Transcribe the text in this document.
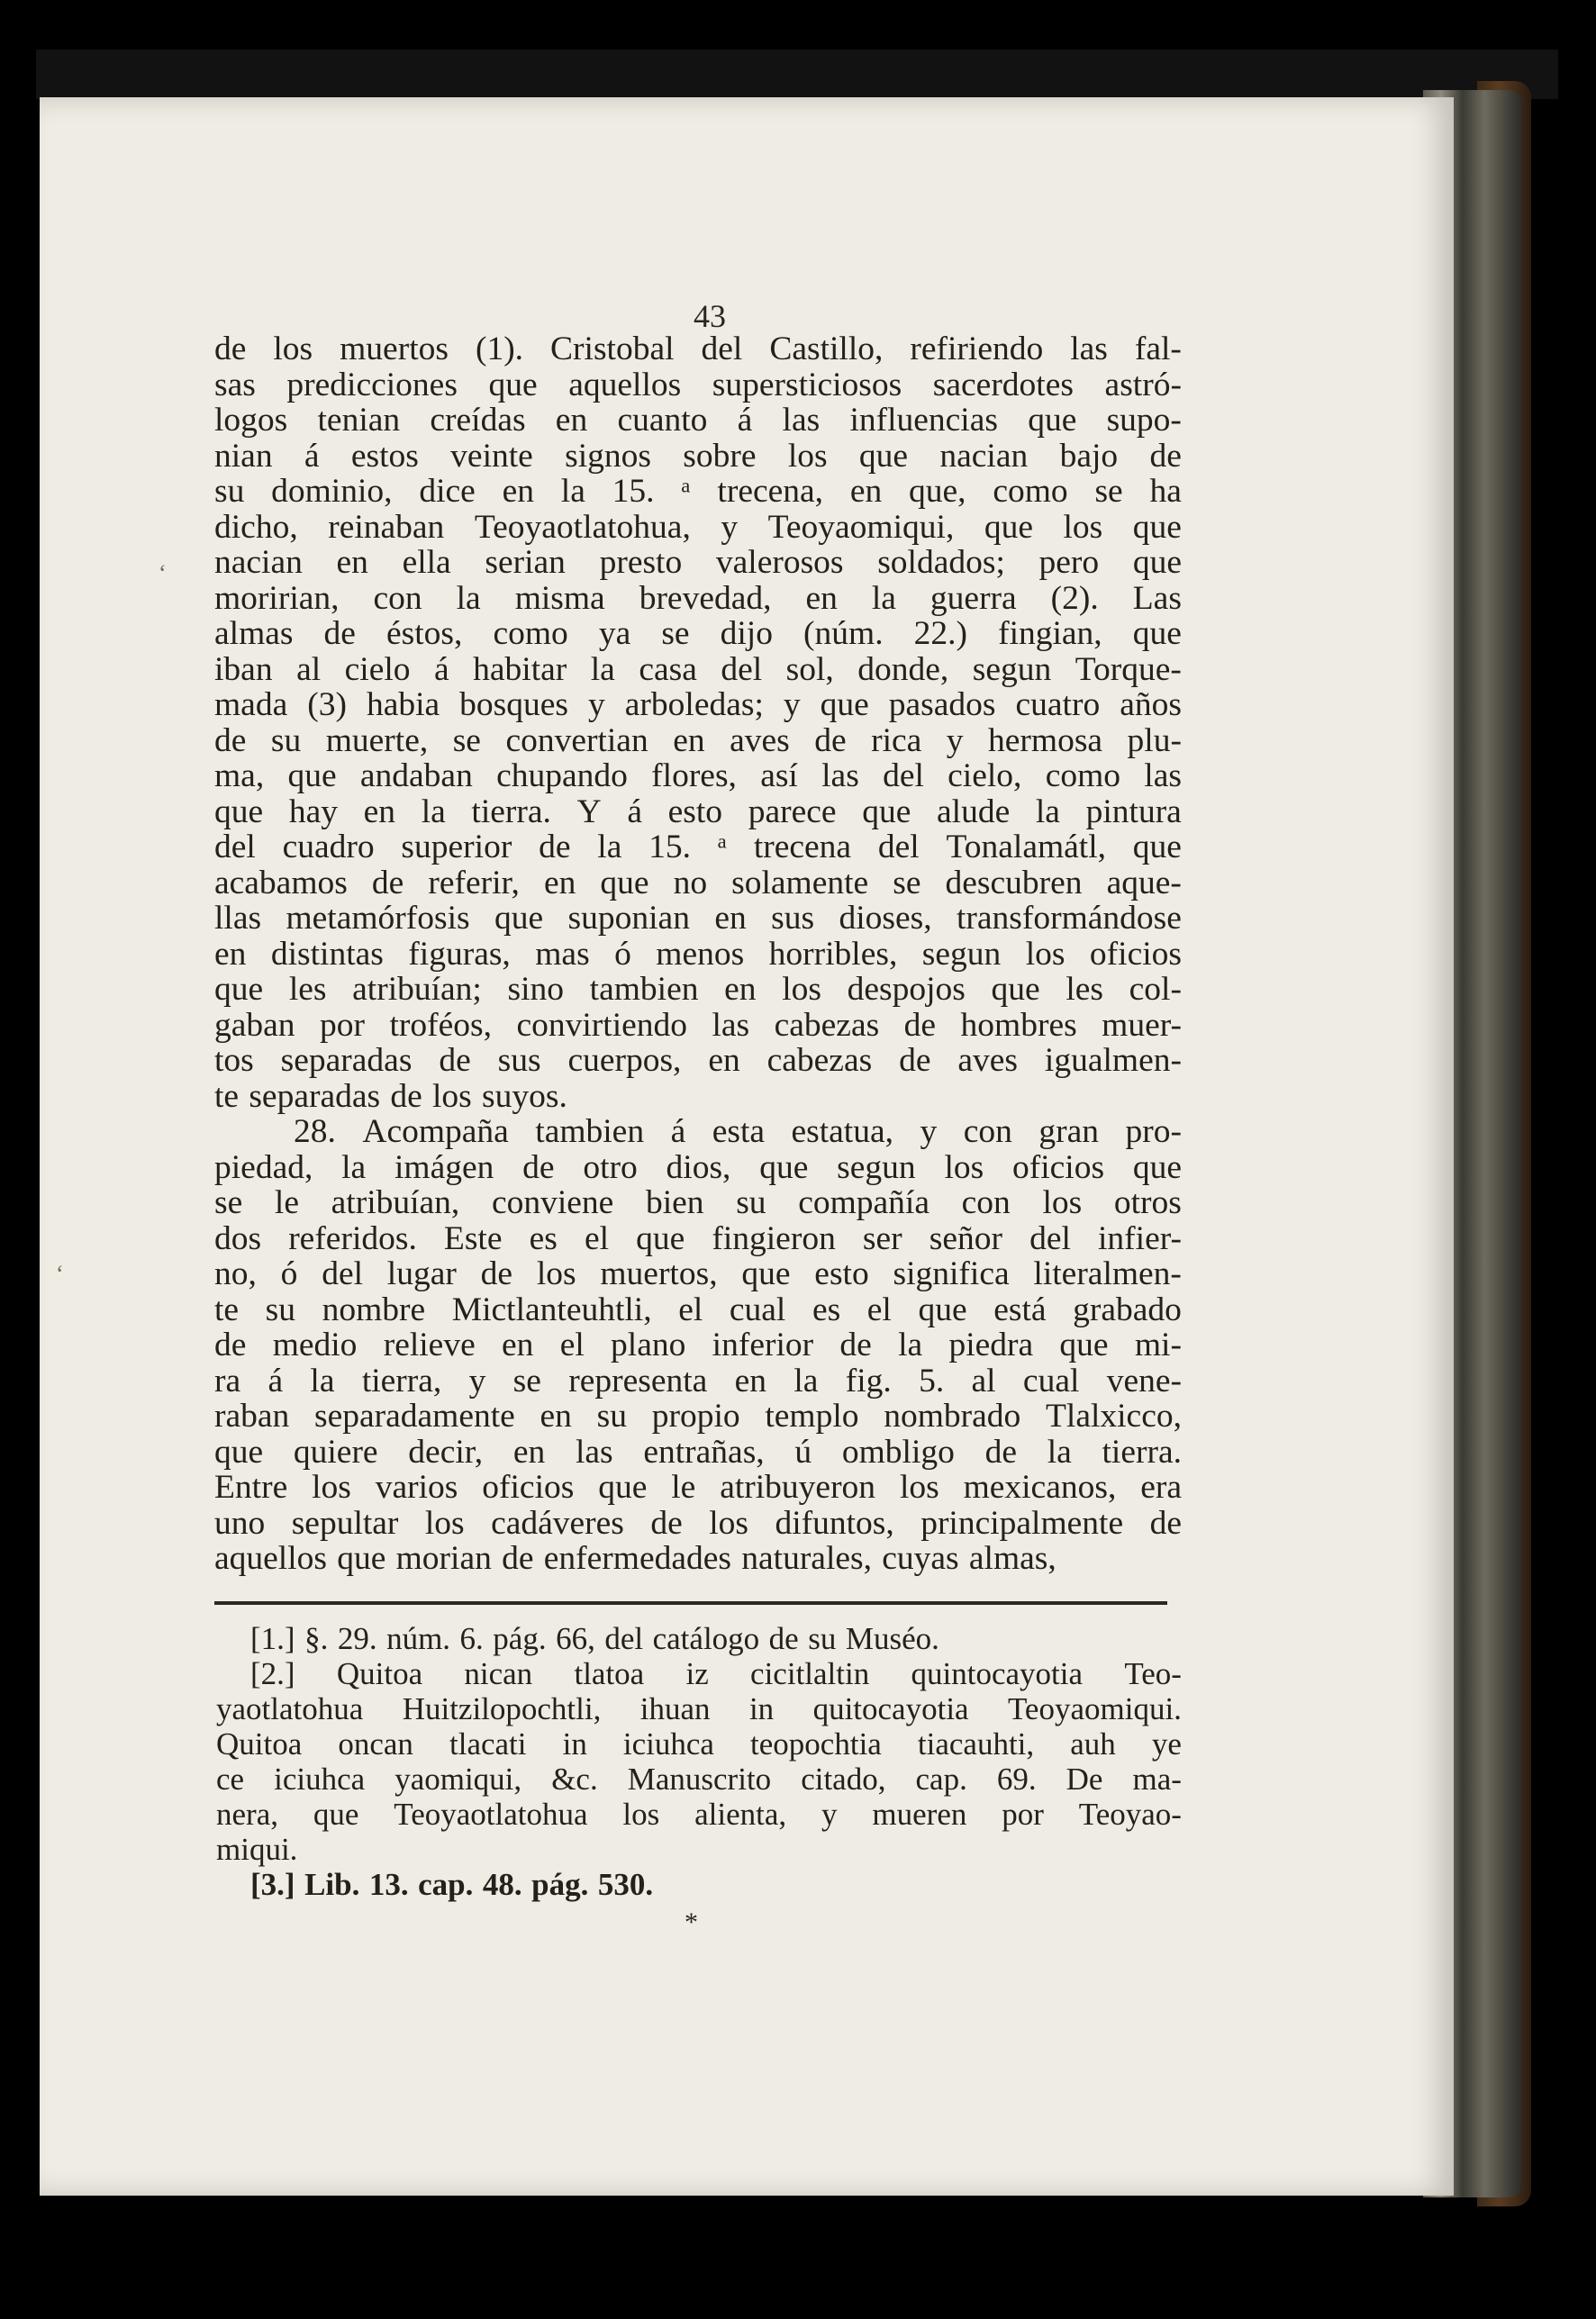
43
de los muertos (1). Cristobal del Castillo, refiriendo las fal-
sas predicciones que aquellos supersticiosos sacerdotes astró-
logos tenian creídas en cuanto á las influencias que supo-
nian á estos veinte signos sobre los que nacian bajo de
su dominio, dice en la 15. ᵃ trecena, en que, como se ha
dicho, reinaban Teoyaotlatohua, y Teoyaomiqui, que los que
nacian en ella serian presto valerosos soldados; pero que
moririan, con la misma brevedad, en la guerra (2). Las
almas de éstos, como ya se dijo (núm. 22.) fingian, que
iban al cielo á habitar la casa del sol, donde, segun Torque-
mada (3) habia bosques y arboledas; y que pasados cuatro años
de su muerte, se convertian en aves de rica y hermosa plu-
ma, que andaban chupando flores, así las del cielo, como las
que hay en la tierra. Y á esto parece que alude la pintura
del cuadro superior de la 15. ᵃ trecena del Tonalamátl, que
acabamos de referir, en que no solamente se descubren aque-
llas metamórfosis que suponian en sus dioses, transformándose
en distintas figuras, mas ó menos horribles, segun los oficios
que les atribuían; sino tambien en los despojos que les col-
gaban por troféos, convirtiendo las cabezas de hombres muer-
tos separadas de sus cuerpos, en cabezas de aves igualmen-
te separadas de los suyos.
28. Acompaña tambien á esta estatua, y con gran pro-
piedad, la imágen de otro dios, que segun los oficios que
se le atribuían, conviene bien su compañía con los otros
dos referidos. Este es el que fingieron ser señor del infier-
no, ó del lugar de los muertos, que esto significa literalmen-
te su nombre Mictlanteuhtli, el cual es el que está grabado
de medio relieve en el plano inferior de la piedra que mi-
ra á la tierra, y se representa en la fig. 5. al cual vene-
raban separadamente en su propio templo nombrado Tlalxicco,
que quiere decir, en las entrañas, ú ombligo de la tierra.
Entre los varios oficios que le atribuyeron los mexicanos, era
uno sepultar los cadáveres de los difuntos, principalmente de
aquellos que morian de enfermedades naturales, cuyas almas,
[1.] §. 29. núm. 6. pág. 66, del catálogo de su Muséo.
[2.] Quitoa nican tlatoa iz cicitlaltin quintocayotia Teo-
yaotlatohua Huitzilopochtli, ihuan in quitocayotia Teoyaomiqui.
Quitoa oncan tlacati in iciuhca teopochtia tiacauhti, auh ye
ce iciuhca yaomiqui, &c. Manuscrito citado, cap. 69. De ma-
nera, que Teoyaotlatohua los alienta, y mueren por Teoyao-
miqui.
[3.] Lib. 13. cap. 48. pág. 530.
*
ʻ
ʻ
